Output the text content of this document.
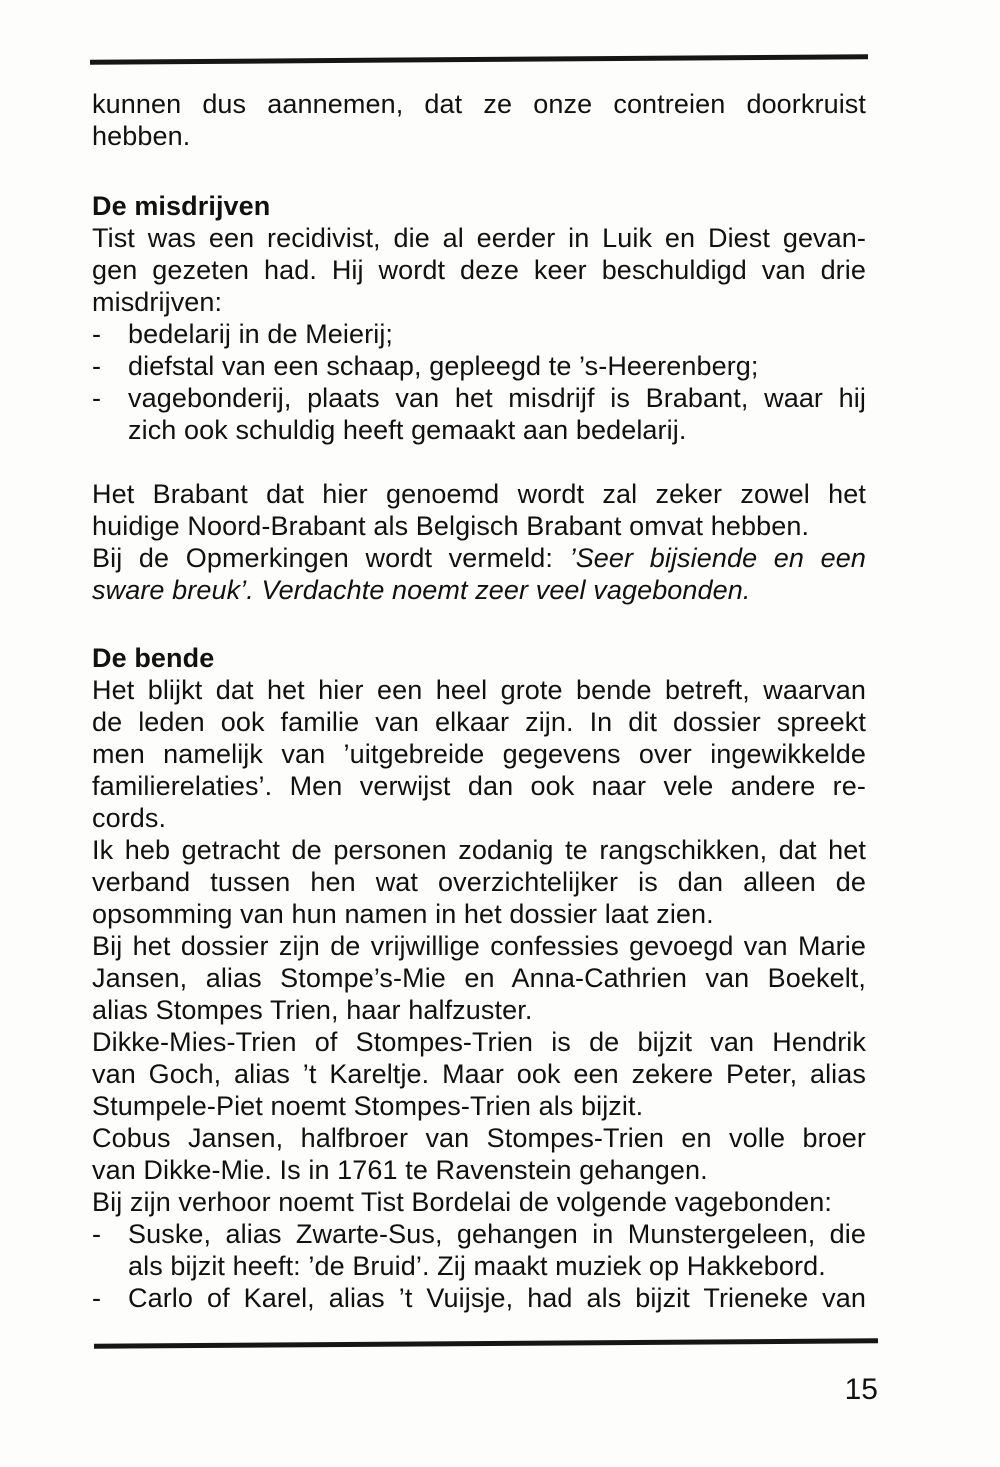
kunnen dus aannemen, dat ze onze contreien doorkruist
hebben.
De misdrijven
Tist was een recidivist, die al eerder in Luik en Diest gevan-
gen gezeten had. Hij wordt deze keer beschuldigd van drie
misdrijven:
- bedelarij in de Meierij;
- diefstal van een schaap, gepleegd te ’s-Heerenberg;
- vagebonderij, plaats van het misdrijf is Brabant, waar hij
zich ook schuldig heeft gemaakt aan bedelarij.
Het Brabant dat hier genoemd wordt zal zeker zowel het
huidige Noord-Brabant als Belgisch Brabant omvat hebben.
Bij de Opmerkingen wordt vermeld: ’Seer bijsiende en een
sware breuk’. Verdachte noemt zeer veel vagebonden.
De bende
Het blijkt dat het hier een heel grote bende betreft, waarvan
de leden ook familie van elkaar zijn. In dit dossier spreekt
men namelijk van ’uitgebreide gegevens over ingewikkelde
familierelaties’. Men verwijst dan ook naar vele andere re-
cords.
Ik heb getracht de personen zodanig te rangschikken, dat het
verband tussen hen wat overzichtelijker is dan alleen de
opsomming van hun namen in het dossier laat zien.
Bij het dossier zijn de vrijwillige confessies gevoegd van Marie
Jansen, alias Stompe’s-Mie en Anna-Cathrien van Boekelt,
alias Stompes Trien, haar halfzuster.
Dikke-Mies-Trien of Stompes-Trien is de bijzit van Hendrik
van Goch, alias ’t Kareltje. Maar ook een zekere Peter, alias
Stumpele-Piet noemt Stompes-Trien als bijzit.
Cobus Jansen, halfbroer van Stompes-Trien en volle broer
van Dikke-Mie. Is in 1761 te Ravenstein gehangen.
Bij zijn verhoor noemt Tist Bordelai de volgende vagebonden:
- Suske, alias Zwarte-Sus, gehangen in Munstergeleen, die
als bijzit heeft: ’de Bruid’. Zij maakt muziek op Hakkebord.
- Carlo of Karel, alias ’t Vuijsje, had als bijzit Trieneke van
15
